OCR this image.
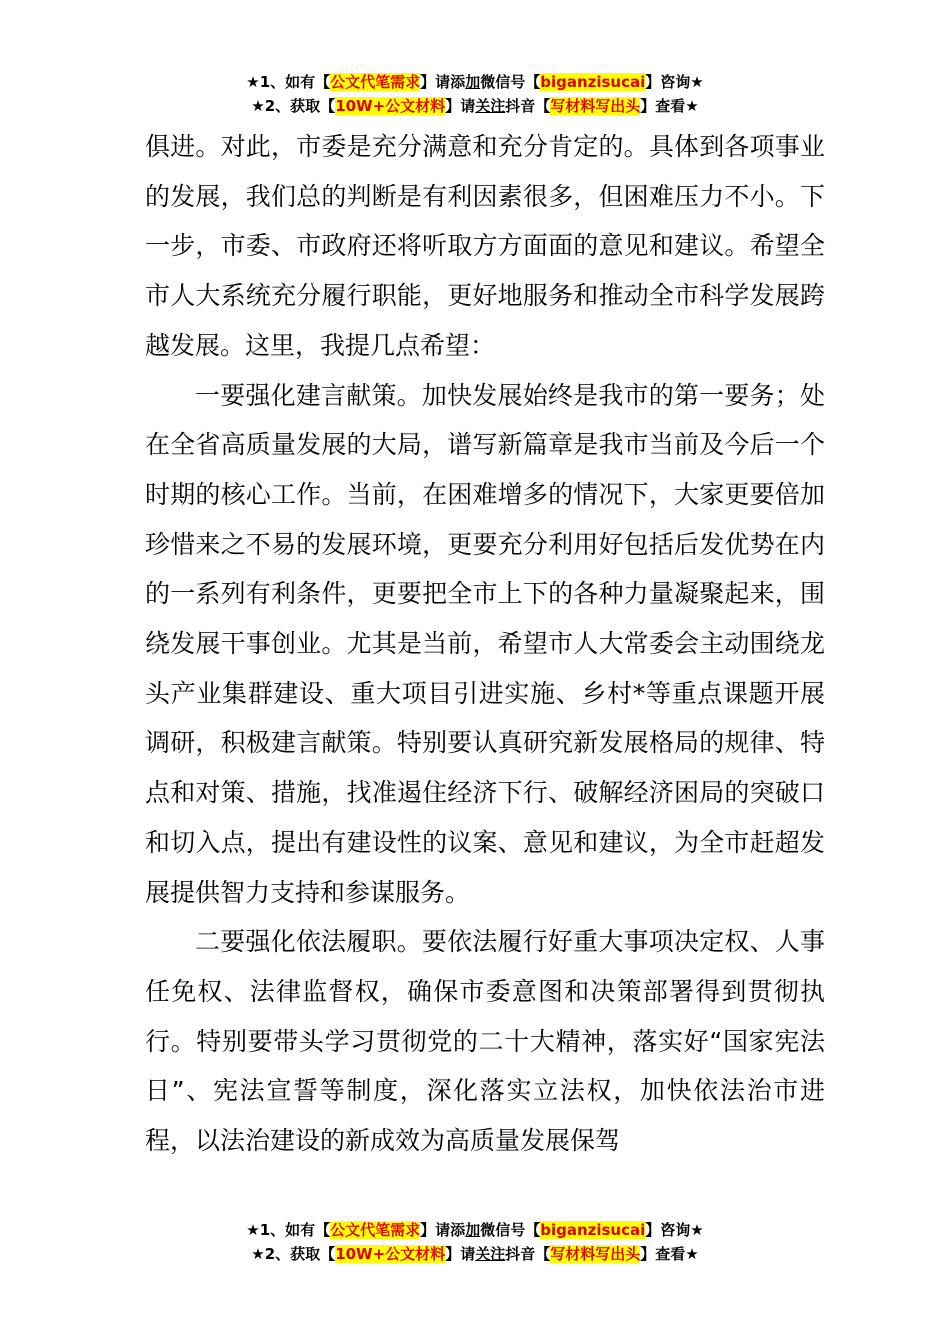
★1、如有【公文代笔需求】请添加微信号【biganzisucai】咨询★
★2、获取【10W+公文材料】请关注抖音【写材料写出头】查看★

俱进。对此，市委是充分满意和充分肯定的。具体到各项事业的发展，我们总的判断是有利因素很多，但困难压力不小。下一步，市委、市政府还将听取方方面面的意见和建议。希望全市人大系统充分履行职能，更好地服务和推动全市科学发展跨越发展。这里，我提几点希望：

一要强化建言献策。加快发展始终是我市的第一要务；处在全省高质量发展的大局，谱写新篇章是我市当前及今后一个时期的核心工作。当前，在困难增多的情况下，大家更要倍加珍惜来之不易的发展环境，更要充分利用好包括后发优势在内的一系列有利条件，更要把全市上下的各种力量凝聚起来，围绕发展干事创业。尤其是当前，希望市人大常委会主动围绕龙头产业集群建设、重大项目引进实施、乡村*等重点课题开展调研，积极建言献策。特别要认真研究新发展格局的规律、特点和对策、措施，找准遏住经济下行、破解经济困局的突破口和切入点，提出有建设性的议案、意见和建议，为全市赶超发展提供智力支持和参谋服务。

二要强化依法履职。要依法履行好重大事项决定权、人事任免权、法律监督权，确保市委意图和决策部署得到贯彻执行。特别要带头学习贯彻党的二十大精神，落实好“国家宪法日”、宪法宣誓等制度，深化落实立法权，加快依法治市进程，以法治建设的新成效为高质量发展保驾

★1、如有【公文代笔需求】请添加微信号【biganzisucai】咨询★
★2、获取【10W+公文材料】请关注抖音【写材料写出头】查看★
